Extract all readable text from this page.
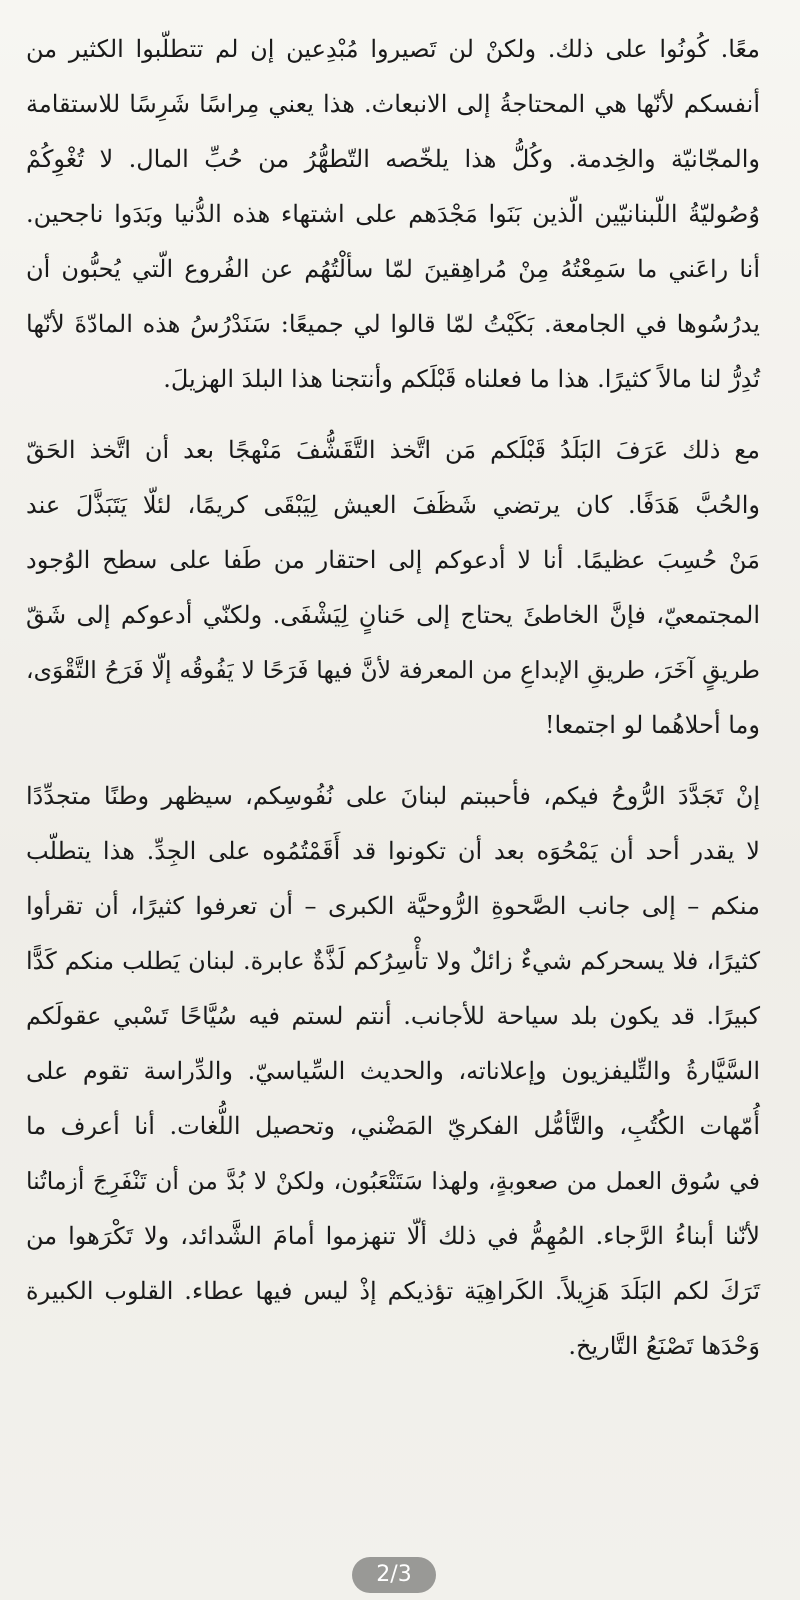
معًا. كُونُوا على ذلك. ولكنْ لن تَصيروا مُبْدِعين إن لم تتطلّبوا الكثير من
أنفسكم لأنّها هي المحتاجةُ إلى الانبعاث. هذا يعني مِراسًا شَرِسًا للاستقامة
والمجّانيّة والخِدمة. وكُلُّ هذا يلخّصه التّطهُّرُ من حُبِّ المال. لا تُغْوِكُمْ
وُصُوليّةُ اللّبنانيّين الّذين بَنَوا مَجْدَهم على اشتهاء هذه الدُّنيا وبَدَوا ناجحين.
أنا راعَني ما سَمِعْتُهُ مِنْ مُراهِقينَ لمّا سألْتُهُم عن الفُروع الّتي يُحبُّون أن
يدرُسُوها في الجامعة. بَكَيْتُ لمّا قالوا لي جميعًا: سَنَدْرُسُ هذه المادّةَ لأنّها
تُدِرُّ لنا مالاً كثيرًا. هذا ما فعلناه قَبْلَكم وأنتجنا هذا البلدَ الهزيلَ.
مع ذلك عَرَفَ البَلَدُ قَبْلَكم مَن اتَّخذ التَّقَشُّفَ مَنْهجًا بعد أن اتَّخذ الحَقّ
والحُبَّ هَدَفًا. كان يرتضي شَظَفَ العيش لِيَبْقَى كريمًا، لئلّا يَتَبَذَّلَ عند
مَنْ حُسِبَ عظيمًا. أنا لا أدعوكم إلى احتقار من طَفا على سطح الوُجود
المجتمعيّ، فإنَّ الخاطئَ يحتاج إلى حَنانٍ لِيَشْفَى. ولكنّي أدعوكم إلى شَقّ
طريقٍ آخَرَ، طريقِ الإبداعِ من المعرفة لأنَّ فيها فَرَحًا لا يَفُوقُه إلّا فَرَحُ التَّقْوَى،
وما أحلاهُما لو اجتمعا!
إنْ تَجَدَّدَ الرُّوحُ فيكم، فأحببتم لبنانَ على نُفُوسِكم، سيظهر وطنًا متجدِّدًا
لا يقدر أحد أن يَمْحُوَه بعد أن تكونوا قد أَقَمْتُمُوه على الجِدِّ. هذا يتطلّب
منكم – إلى جانب الصَّحوةِ الرُّوحيَّة الكبرى – أن تعرفوا كثيرًا، أن تقرأوا
كثيرًا، فلا يسحركم شيءٌ زائلٌ ولا تأْسِرُكم لَذَّةٌ عابرة. لبنان يَطلب منكم كَدًّا
كبيرًا. قد يكون بلد سياحة للأجانب. أنتم لستم فيه سُيَّاحًا تَسْبي عقولَكم
السَّيَّارةُ والتِّليفزيون وإعلاناته، والحديث السِّياسيّ. والدِّراسة تقوم على
أُمّهات الكُتُبِ، والتَّأمُّل الفكريّ المَضْني، وتحصيل اللُّغات. أنا أعرف ما
في سُوق العمل من صعوبةٍ، ولهذا سَتَتْعَبُون، ولكنْ لا بُدَّ من أن تَنْفَرِجَ أزماتُنا
لأنّنا أبناءُ الرَّجاء. المُهِمُّ في ذلك ألّا تنهزموا أمامَ الشَّدائد، ولا تَكْرَهوا من
تَرَكَ لكم البَلَدَ هَزِيلاً. الكَراهِيَة تؤذيكم إذْ ليس فيها عطاء. القلوب الكبيرة
وَحْدَها تَصْنَعُ التَّاريخ.
2/3
